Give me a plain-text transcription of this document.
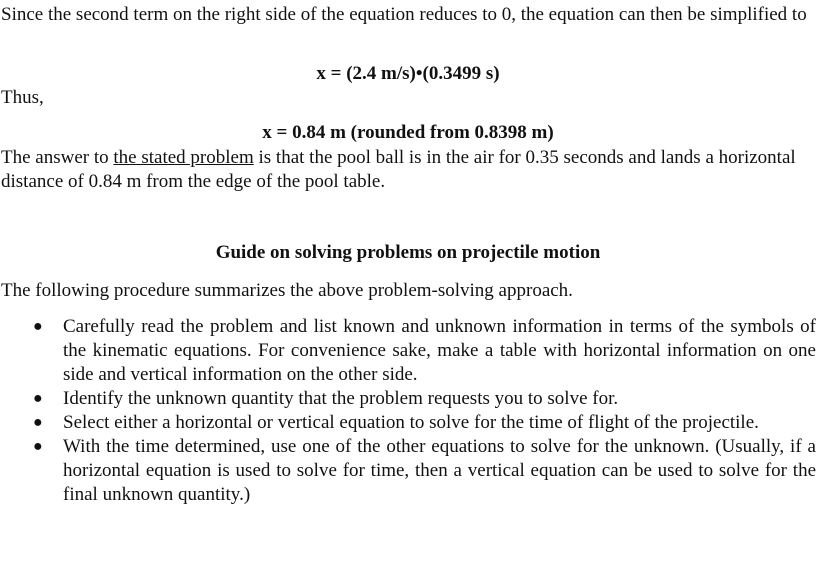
Since the second term on the right side of the equation reduces to 0, the equation can then be simplified to

x = (2.4 m/s)•(0.3499 s)

Thus,

x = 0.84 m (rounded from 0.8398 m)

The answer to the stated problem is that the pool ball is in the air for 0.35 seconds and lands a horizontal distance of 0.84 m from the edge of the pool table.

Guide on solving problems on projectile motion

The following procedure summarizes the above problem-solving approach.

● Carefully read the problem and list known and unknown information in terms of the symbols of the kinematic equations. For convenience sake, make a table with horizontal information on one side and vertical information on the other side.
● Identify the unknown quantity that the problem requests you to solve for.
● Select either a horizontal or vertical equation to solve for the time of flight of the projectile.
● With the time determined, use one of the other equations to solve for the unknown. (Usually, if a horizontal equation is used to solve for time, then a vertical equation can be used to solve for the final unknown quantity.)
